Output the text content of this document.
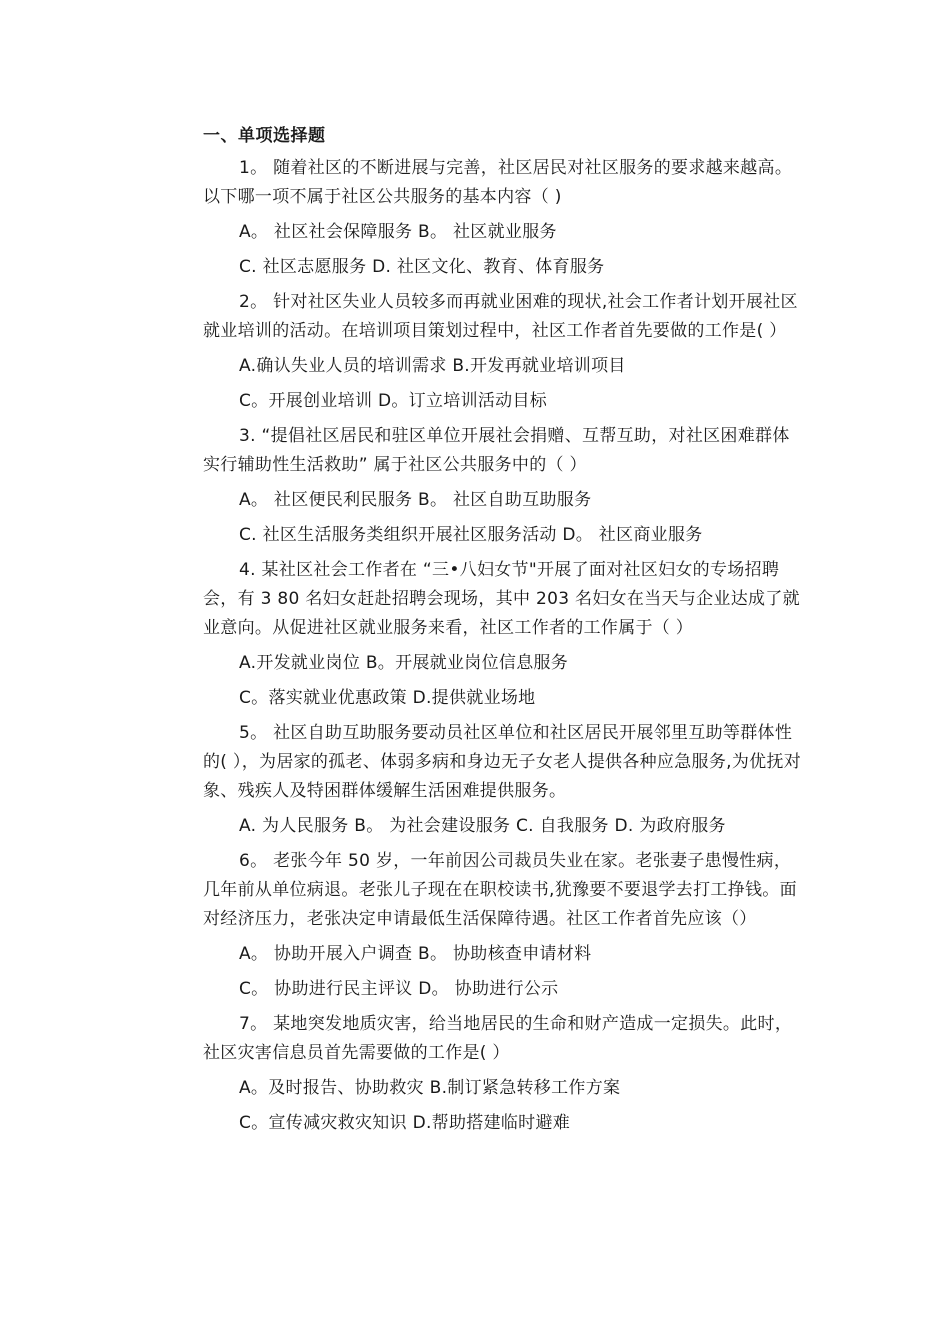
一、单项选择题
1。 随着社区的不断进展与完善，社区居民对社区服务的要求越来越高。以下哪一项不属于社区公共服务的基本内容（ )
A。 社区社会保障服务 B。 社区就业服务
C. 社区志愿服务 D. 社区文化、教育、体育服务
2。 针对社区失业人员较多而再就业困难的现状,社会工作者计划开展社区就业培训的活动。在培训项目策划过程中，社区工作者首先要做的工作是( ）
A.确认失业人员的培训需求 B.开发再就业培训项目
C。开展创业培训 D。订立培训活动目标
3. “提倡社区居民和驻区单位开展社会捐赠、互帮互助，对社区困难群体实行辅助性生活救助” 属于社区公共服务中的（ ）
A。 社区便民利民服务 B。 社区自助互助服务
C. 社区生活服务类组织开展社区服务活动 D。 社区商业服务
4. 某社区社会工作者在 “三•八妇女节"开展了面对社区妇女的专场招聘会，有 3 80 名妇女赶赴招聘会现场，其中 203 名妇女在当天与企业达成了就业意向。从促进社区就业服务来看，社区工作者的工作属于（ ）
A.开发就业岗位 B。开展就业岗位信息服务
C。落实就业优惠政策 D.提供就业场地
5。 社区自助互助服务要动员社区单位和社区居民开展邻里互助等群体性的( ），为居家的孤老、体弱多病和身边无子女老人提供各种应急服务,为优抚对象、残疾人及特困群体缓解生活困难提供服务。
A. 为人民服务 B。 为社会建设服务 C. 自我服务 D. 为政府服务
6。 老张今年 50 岁，一年前因公司裁员失业在家。老张妻子患慢性病，几年前从单位病退。老张儿子现在在职校读书,犹豫要不要退学去打工挣钱。面对经济压力，老张决定申请最低生活保障待遇。社区工作者首先应该（）
A。 协助开展入户调查 B。 协助核查申请材料
C。 协助进行民主评议 D。 协助进行公示
7。 某地突发地质灾害，给当地居民的生命和财产造成一定损失。此时，社区灾害信息员首先需要做的工作是( ）
A。及时报告、协助救灾 B.制订紧急转移工作方案
C。宣传减灾救灾知识 D.帮助搭建临时避难
